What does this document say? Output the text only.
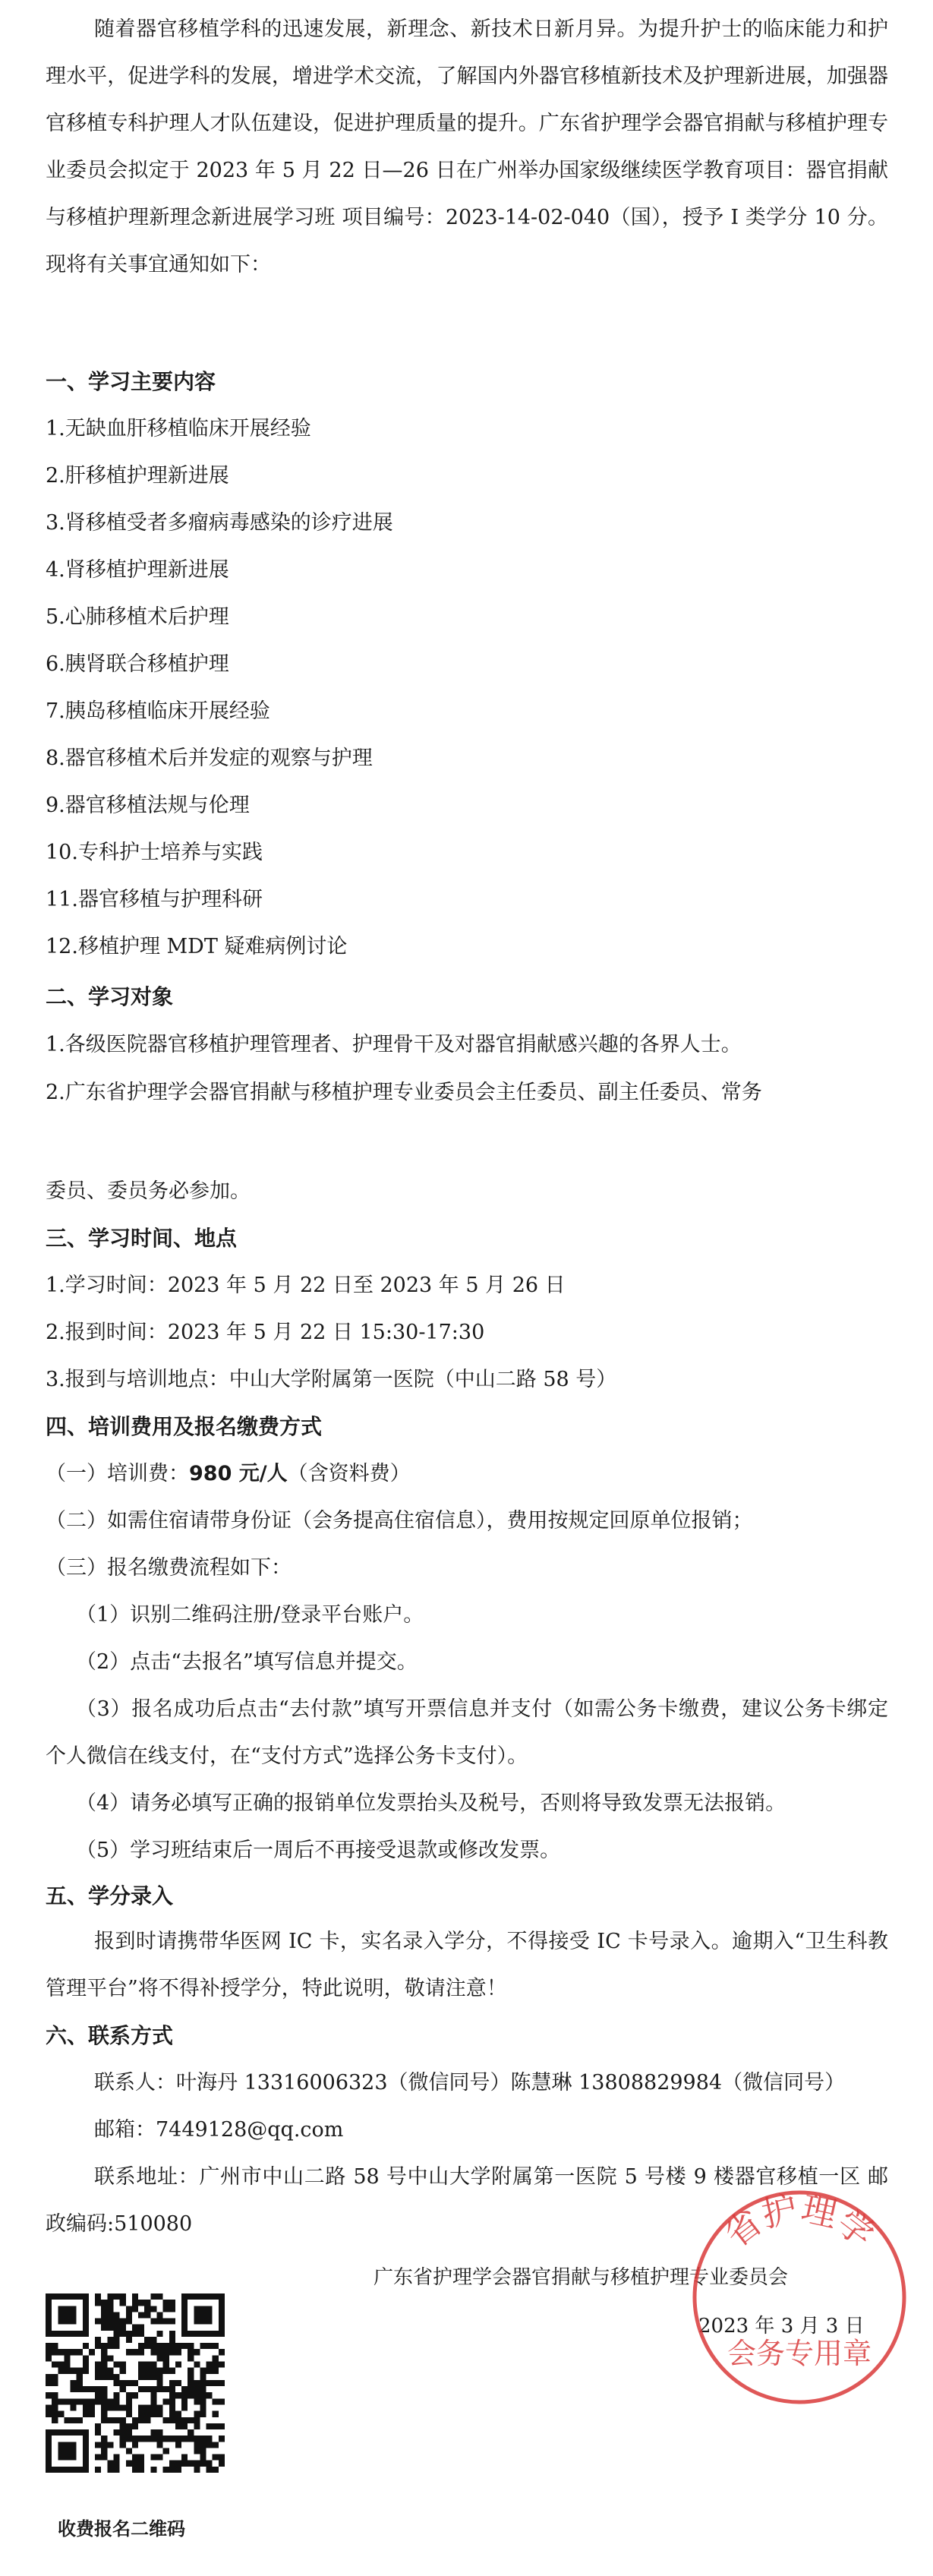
随着器官移植学科的迅速发展，新理念、新技术日新月异。为提升护士的临床能力和护理水平，促进学科的发展，增进学术交流，了解国内外器官移植新技术及护理新进展，加强器官移植专科护理人才队伍建设，促进护理质量的提升。广东省护理学会器官捐献与移植护理专业委员会拟定于 2023 年 5 月 22 日—26 日在广州举办国家级继续医学教育项目：器官捐献与移植护理新理念新进展学习班 项目编号：2023-14-02-040（国），授予 I 类学分 10 分。现将有关事宜通知如下：
一、学习主要内容
1.无缺血肝移植临床开展经验
2.肝移植护理新进展
3.肾移植受者多瘤病毒感染的诊疗进展
4.肾移植护理新进展
5.心肺移植术后护理
6.胰肾联合移植护理
7.胰岛移植临床开展经验
8.器官移植术后并发症的观察与护理
9.器官移植法规与伦理
10.专科护士培养与实践
11.器官移植与护理科研
12.移植护理 MDT 疑难病例讨论
二、学习对象
1.各级医院器官移植护理管理者、护理骨干及对器官捐献感兴趣的各界人士。
2.广东省护理学会器官捐献与移植护理专业委员会主任委员、副主任委员、常务
委员、委员务必参加。
三、学习时间、地点
1.学习时间：2023 年 5 月 22 日至 2023 年 5 月 26 日
2.报到时间：2023 年 5 月 22 日 15:30-17:30
3.报到与培训地点：中山大学附属第一医院（中山二路 58 号）
四、培训费用及报名缴费方式
（一）培训费：980 元/人（含资料费）
（二）如需住宿请带身份证（会务提高住宿信息），费用按规定回原单位报销；
（三）报名缴费流程如下：
（1）识别二维码注册/登录平台账户。
（2）点击“去报名”填写信息并提交。
（3）报名成功后点击“去付款”填写开票信息并支付（如需公务卡缴费，建议公务卡绑定个人微信在线支付，在“支付方式”选择公务卡支付）。
（4）请务必填写正确的报销单位发票抬头及税号，否则将导致发票无法报销。
（5）学习班结束后一周后不再接受退款或修改发票。
五、学分录入
报到时请携带华医网 IC 卡，实名录入学分，不得接受 IC 卡号录入。逾期入“卫生科教管理平台”将不得补授学分，特此说明，敬请注意！
六、联系方式
联系人：叶海丹 13316006323（微信同号）陈慧琳 13808829984（微信同号）
邮箱：7449128@qq.com
联系地址：广州市中山二路 58 号中山大学附属第一医院 5 号楼 9 楼器官移植一区 邮政编码:510080
广东省护理学会器官捐献与移植护理专业委员会
2023 年 3 月 3 日
省护理学
会务专用章
收费报名二维码
